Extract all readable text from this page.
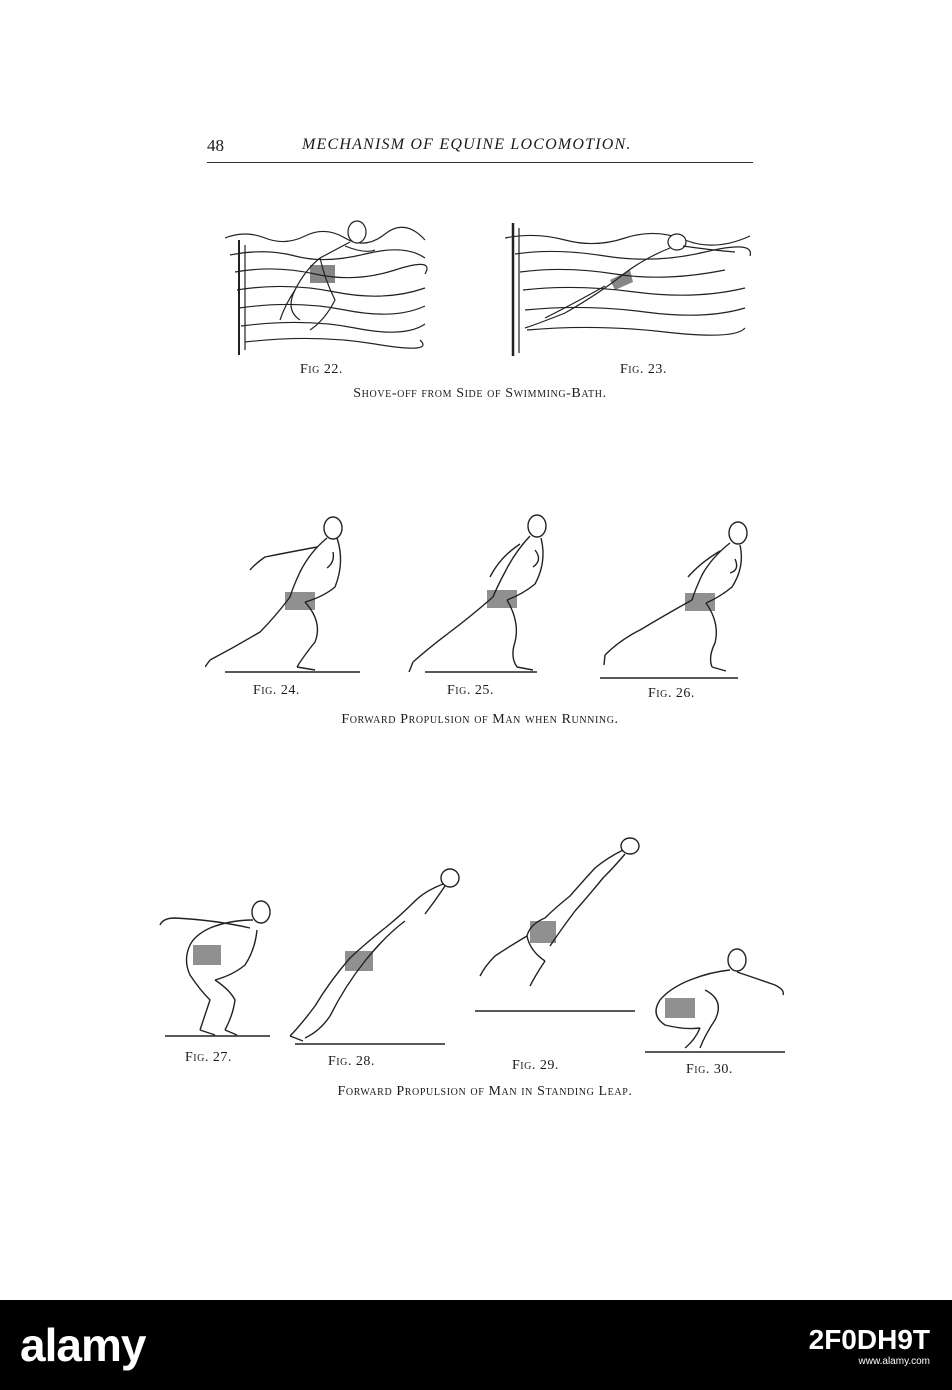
48	MECHANISM OF EQUINE LOCOMOTION.
Fig 22.	Fig. 23.
Shove-off from Side of Swimming-Bath.
Fig. 24.	Fig. 25.	Fig. 26.
Forward Propulsion of Man when Running.
Fig. 27.	Fig. 28.	Fig. 29.	Fig. 30.
Forward Propulsion of Man in Standing Leap.
alamy	2F0DH9T
www.alamy.com
